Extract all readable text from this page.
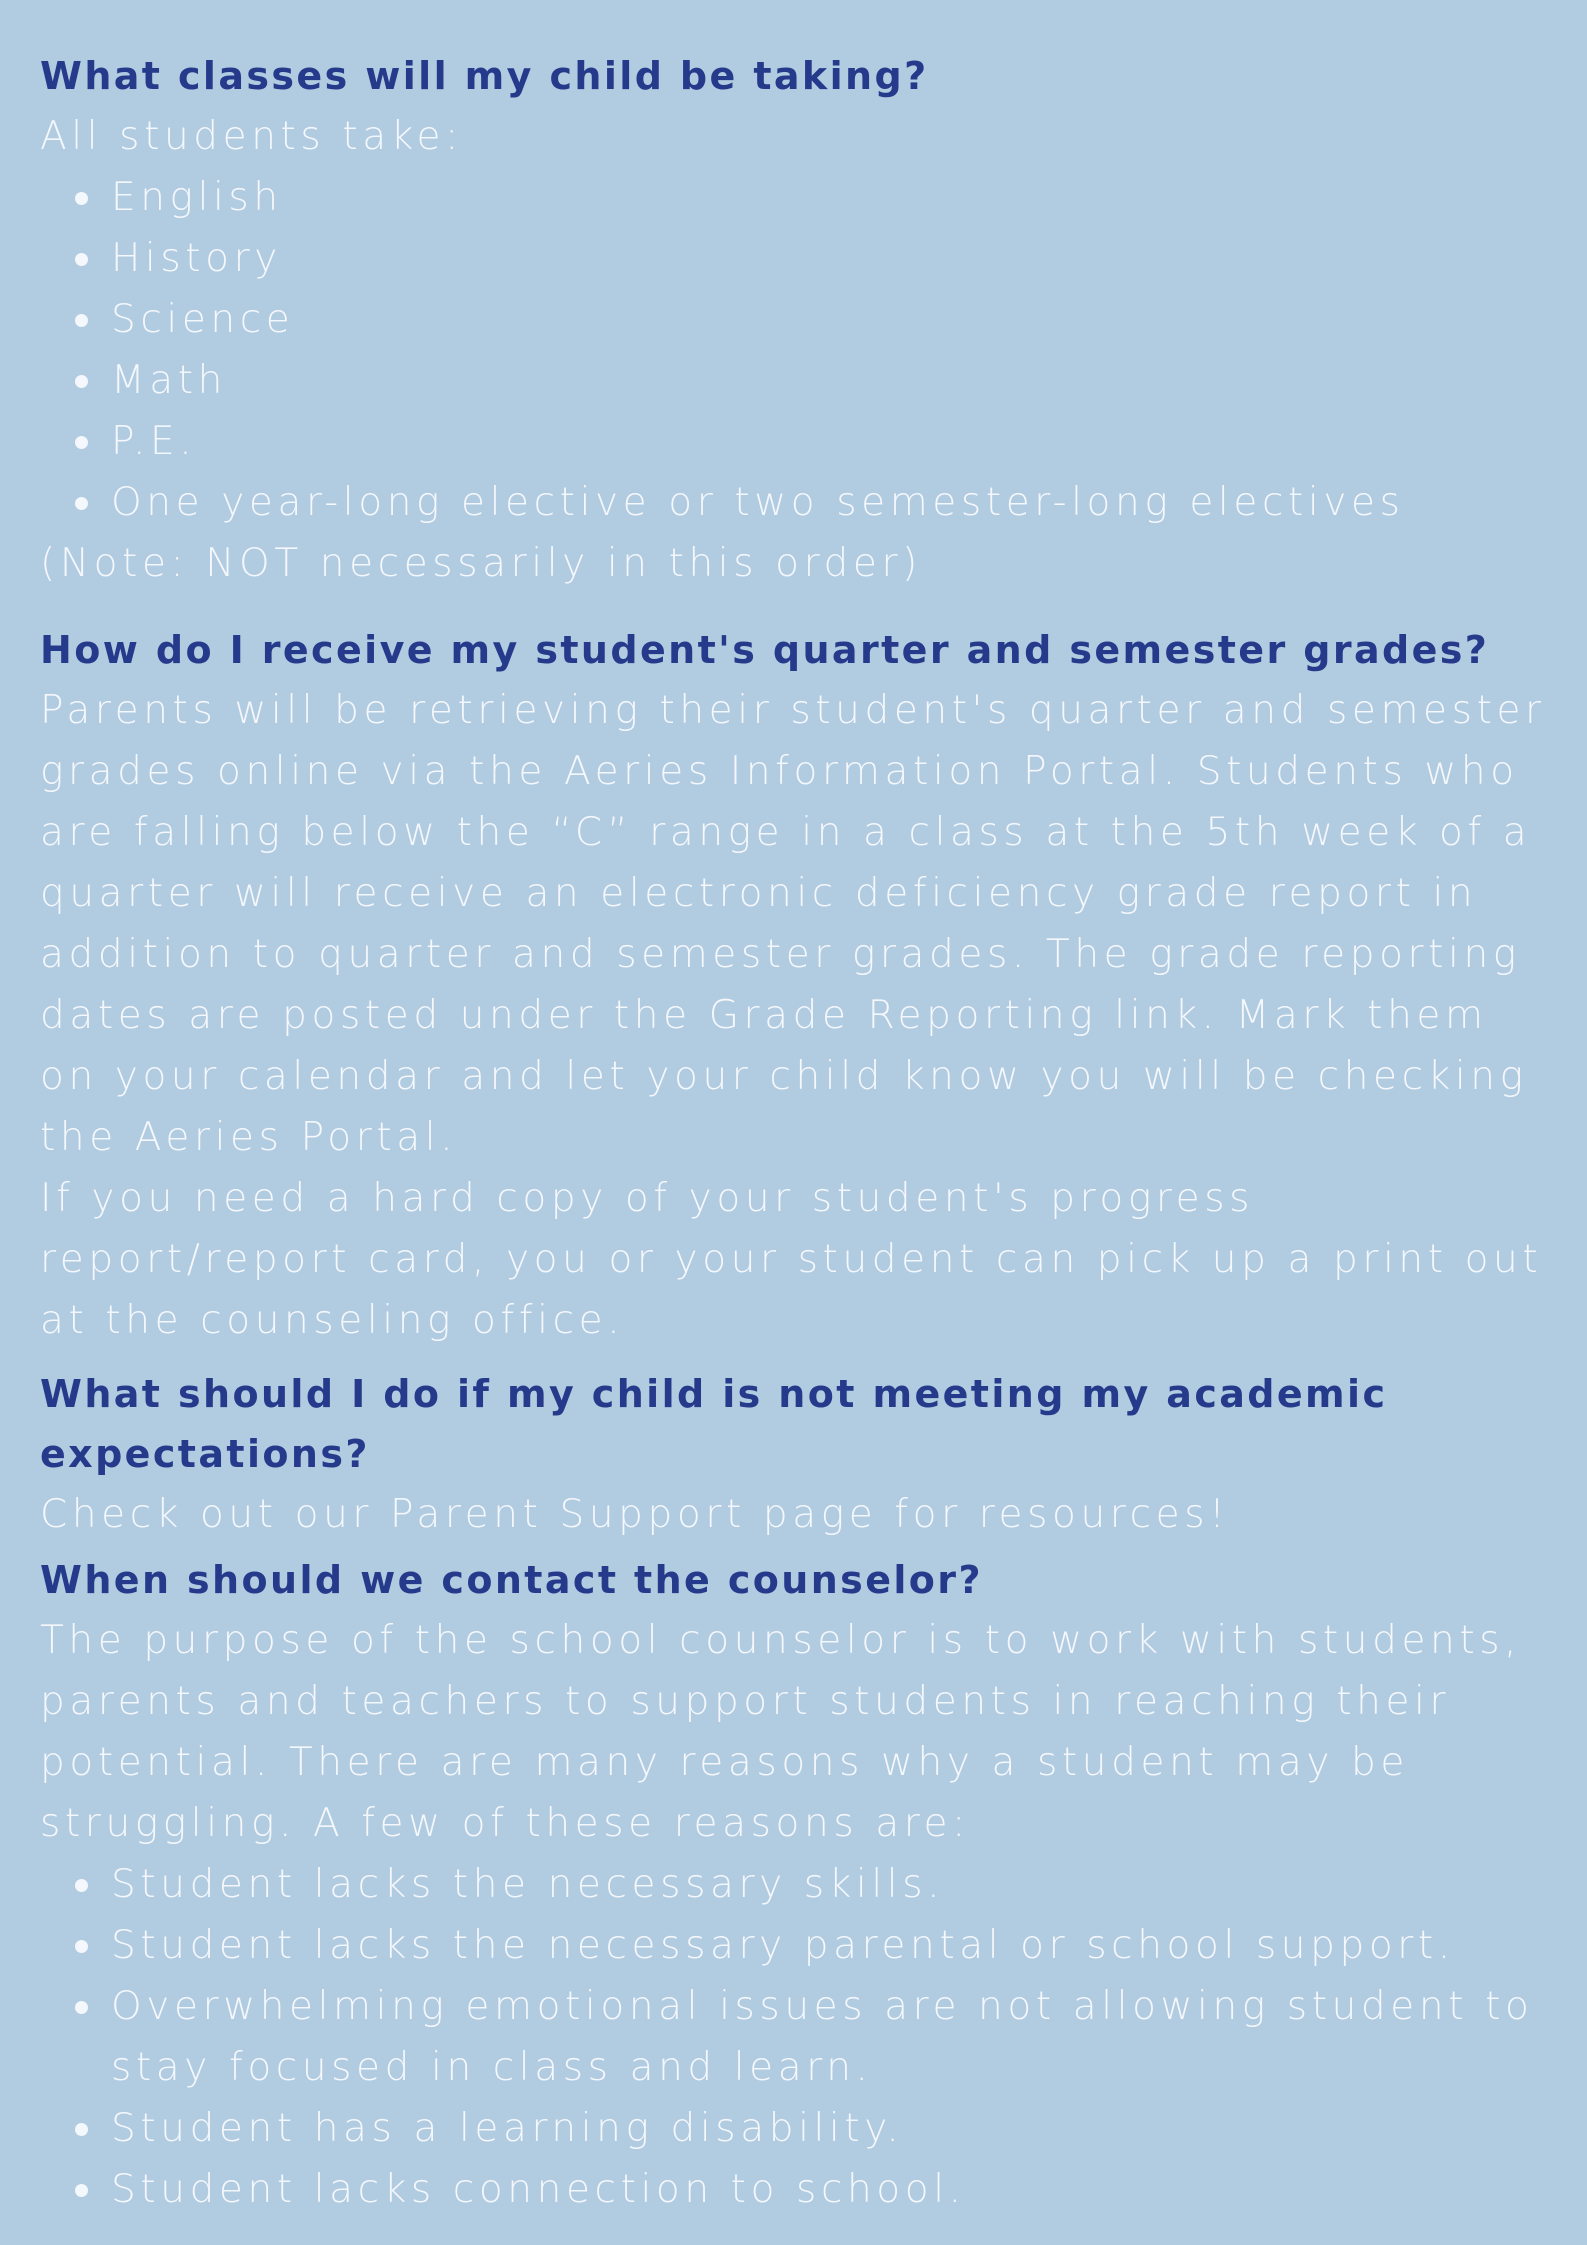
What classes will my child be taking?
All students take:
English
History
Science
Math
P.E.
One year-long elective or two semester-long electives
(Note: NOT necessarily in this order)
How do I receive my student's quarter and semester grades?
Parents will be retrieving their student's quarter and semester grades online via the Aeries Information Portal. Students who are falling below the “C” range in a class at the 5th week of a quarter will receive an electronic deficiency grade report in addition to quarter and semester grades. The grade reporting dates are posted under the Grade Reporting link. Mark them on your calendar and let your child know you will be checking the Aeries Portal.
If you need a hard copy of your student's progress report/report card, you or your student can pick up a print out at the counseling office.
What should I do if my child is not meeting my academic expectations?
Check out our Parent Support page for resources!
When should we contact the counselor?
The purpose of the school counselor is to work with students, parents and teachers to support students in reaching their potential. There are many reasons why a student may be struggling. A few of these reasons are:
Student lacks the necessary skills.
Student lacks the necessary parental or school support.
Overwhelming emotional issues are not allowing student to stay focused in class and learn.
Student has a learning disability.
Student lacks connection to school.
